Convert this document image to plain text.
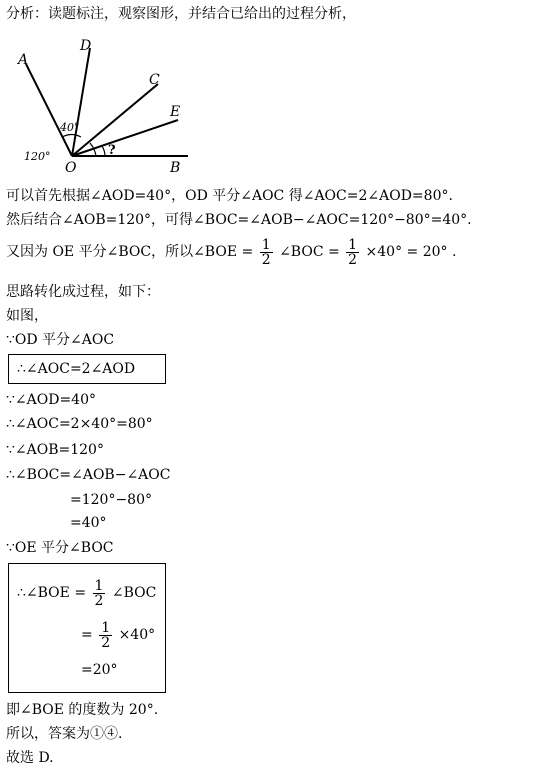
分析：读题标注，观察图形，并结合已给出的过程分析，
A
D
C
E
O	B
40°
120°	?
可以首先根据∠AOD=40°，OD 平分∠AOC 得∠AOC=2∠AOD=80°.
然后结合∠AOB=120°，可得∠BOC=∠AOB−∠AOC=120°−80°=40°.
又因为 OE 平分∠BOC，所以∠BOE = $\frac{1}{2}$ ∠BOC = $\frac{1}{2} \times 40^\circ = 20^\circ$ .
思路转化成过程，如下：
如图，
∵OD 平分∠AOC
∴∠AOC=2∠AOD
∵∠AOD=40°
∴∠AOC=2×40°=80°
∵∠AOB=120°
∴∠BOC=∠AOB−∠AOC
=120°−80°
=40°
∵OE 平分∠BOC
∴∠BOE = $\frac{1}{2}$ ∠BOC
= $\frac{1}{2} \times 40^\circ$
=20°
即∠BOE 的度数为 20°.
所以，答案为①④.
故选 D.
